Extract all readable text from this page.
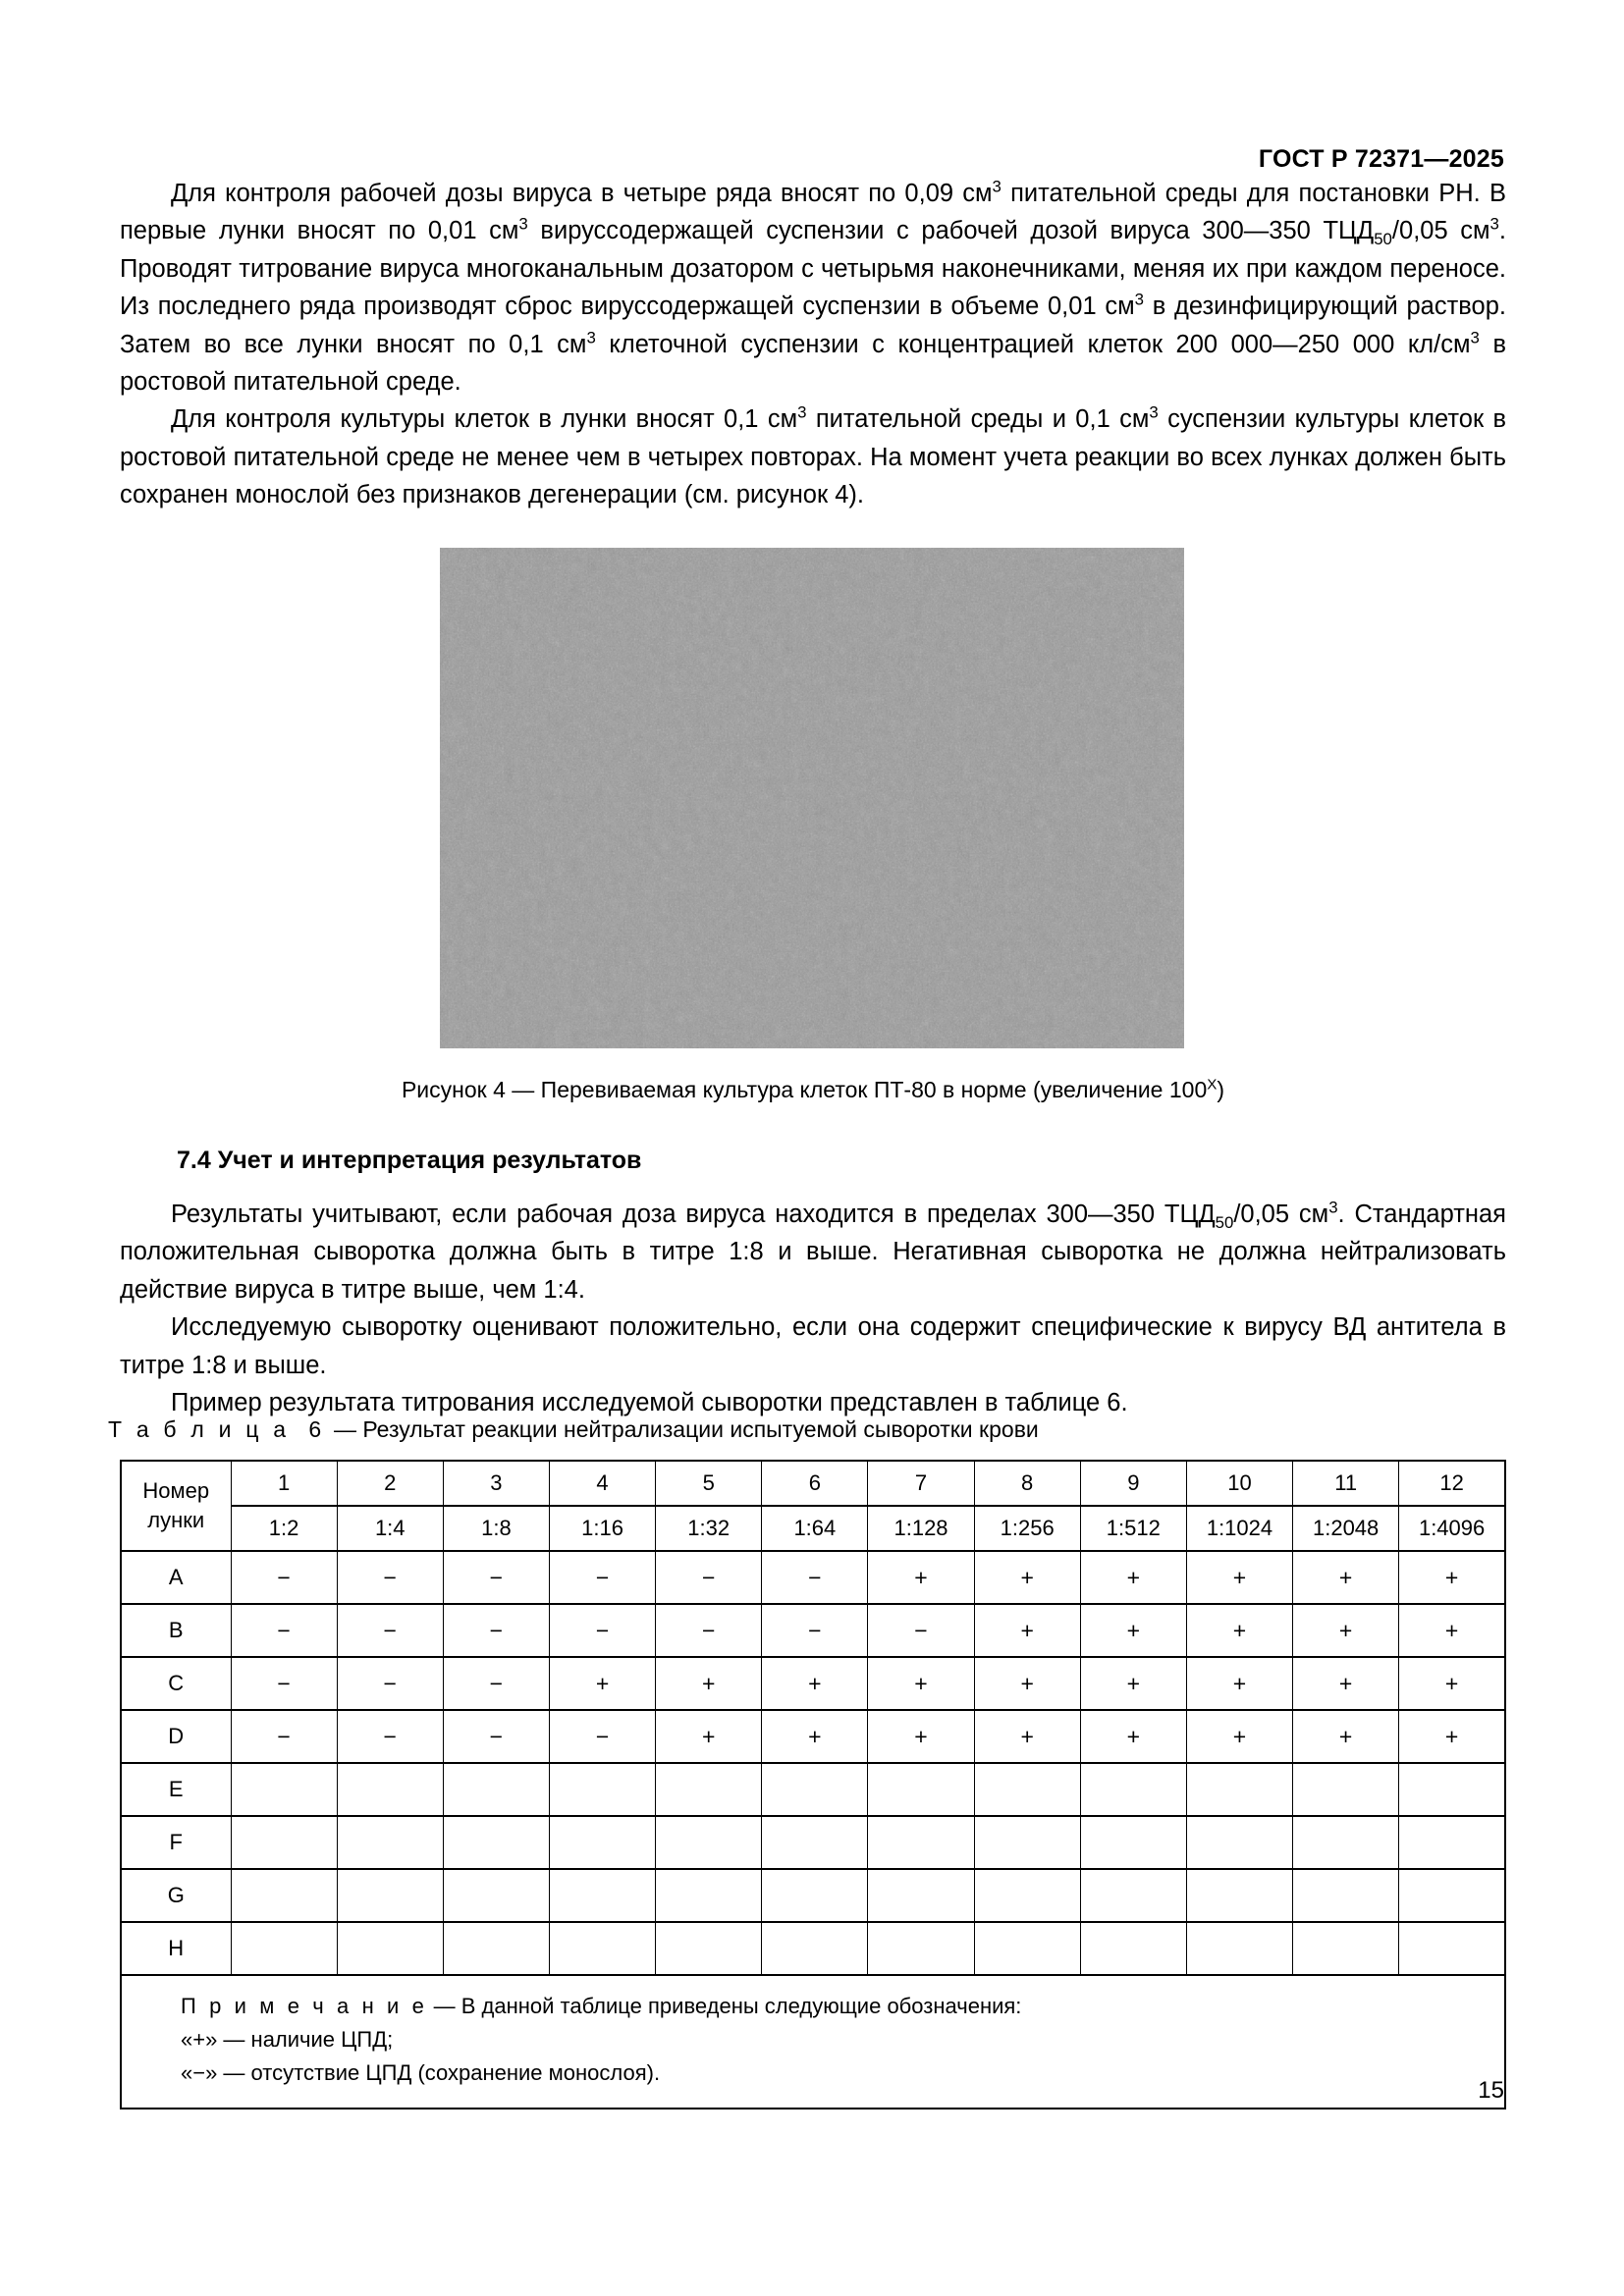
ГОСТ Р 72371—2025

Для контроля рабочей дозы вируса в четыре ряда вносят по 0,09 $см^3$ питательной среды для постановки РН. В первые лунки вносят по 0,01 $см^3$ вируссодержащей суспензии с рабочей дозой вируса 300—350 $ТЦД_{50}/0,05$ $см^3$. Проводят титрование вируса многоканальным дозатором с четырьмя наконечниками, меняя их при каждом переносе. Из последнего ряда производят сброс вируссодержащей суспензии в объеме 0,01 $см^3$ в дезинфицирующий раствор. Затем во все лунки вносят по 0,1 $см^3$ клеточной суспензии с концентрацией клеток 200 000—250 000 $кл/см^3$ в ростовой питательной среде.

Для контроля культуры клеток в лунки вносят 0,1 $см^3$ питательной среды и 0,1 $см^3$ суспензии культуры клеток в ростовой питательной среде не менее чем в четырех повторах. На момент учета реакции во всех лунках должен быть сохранен монослой без признаков дегенерации (см. рисунок 4).

Рисунок 4 — Перевиваемая культура клеток ПТ-80 в норме (увеличение $100^Х$)
7.4 Учет и интерпретация результатов

Результаты учитывают, если рабочая доза вируса находится в пределах 300—350 $ТЦД_{50}/0,05$ $см^3$. Стандартная положительная сыворотка должна быть в титре 1:8 и выше. Негативная сыворотка не должна нейтрализовать действие вируса в титре выше, чем 1:4.

Исследуемую сыворотку оценивают положительно, если она содержит специфические к вирусу ВД антитела в титре 1:8 и выше.

Пример результата титрования исследуемой сыворотки представлен в таблице 6.

Т а б л и ц а 6 — Результат реакции нейтрализации испытуемой сыворотки крови
Номер
лунки	1	2	3	4	5	6	7	8	9	10	11	12
	1:2	1:4	1:8	1:16	1:32	1:64	1:128	1:256	1:512	1:1024	1:2048	1:4096
A	−	−	−	−	−	−	+	+	+	+	+	+
B	−	−	−	−	−	−	−	+	+	+	+	+
C	−	−	−	+	+	+	+	+	+	+	+	+
D	−	−	−	−	+	+	+	+	+	+	+	+
E												
F												
G												
H												

П р и м е ч а н и е — В данной таблице приведены следующие обозначения:
«+» — наличие ЦПД;
«−» — отсутствие ЦПД (сохранение монослоя).												
15
